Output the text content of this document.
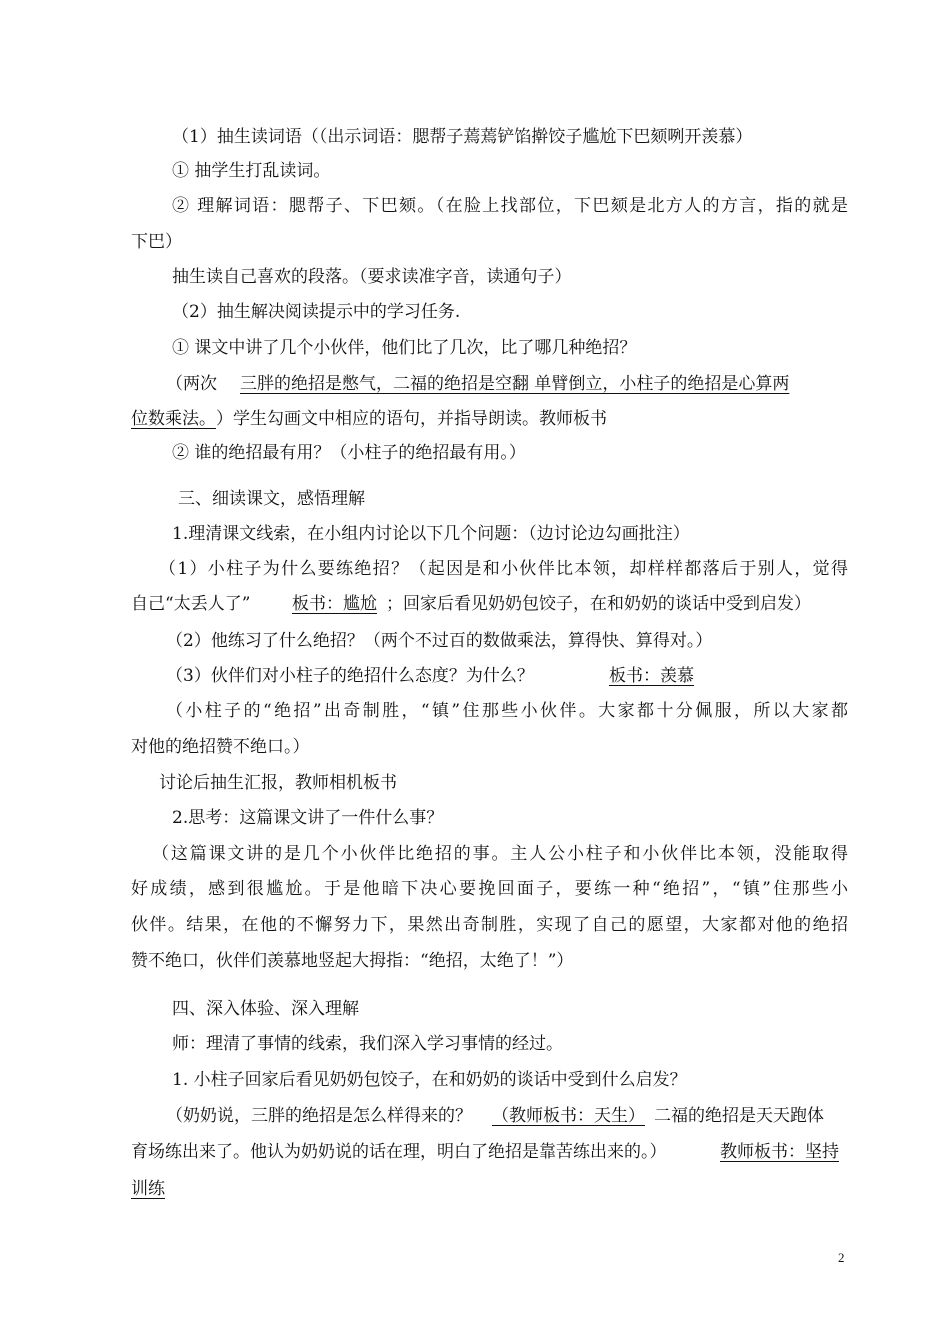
（1）抽生读词语（（出示词语：腮帮子蔫蔫铲馅擀饺子尴尬下巴颏咧开羡慕）
① 抽学生打乱读词。
② 理解词语：腮帮子、下巴颏。（在脸上找部位，下巴颏是北方人的方言，指的就是
下巴）
抽生读自己喜欢的段落。（要求读准字音，读通句子）
（2）抽生解决阅读提示中的学习任务.
① 课文中讲了几个小伙伴，他们比了几次，比了哪几种绝招？
（两次 三胖的绝招是憋气，二福的绝招是空翻 单臂倒立，小柱子的绝招是心算两
位数乘法。 ）学生勾画文中相应的语句，并指导朗读。教师板书
② 谁的绝招最有用？（小柱子的绝招最有用。）
三、细读课文，感悟理解
1.理清课文线索，在小组内讨论以下几个问题：（边讨论边勾画批注）
（1）小柱子为什么要练绝招？（起因是和小伙伴比本领，却样样都落后于别人，觉得
自己“太丢人了” 板书：尴尬 ；回家后看见奶奶包饺子，在和奶奶的谈话中受到启发）
（2）他练习了什么绝招？（两个不过百的数做乘法，算得快、算得对。）
（3）伙伴们对小柱子的绝招什么态度？为什么？	板书：羡慕
（小柱子的“绝招”出奇制胜，“镇”住那些小伙伴。大家都十分佩服，所以大家都
对他的绝招赞不绝口。）
讨论后抽生汇报，教师相机板书
2.思考：这篇课文讲了一件什么事？
（这篇课文讲的是几个小伙伴比绝招的事。主人公小柱子和小伙伴比本领，没能取得
好成绩，感到很尴尬。于是他暗下决心要挽回面子，要练一种“绝招”，“镇”住那些小
伙伴。结果，在他的不懈努力下，果然出奇制胜，实现了自己的愿望，大家都对他的绝招
赞不绝口，伙伴们羡慕地竖起大拇指：“绝招，太绝了！”）
四、深入体验、深入理解
师：理清了事情的线索，我们深入学习事情的经过。
1. 小柱子回家后看见奶奶包饺子，在和奶奶的谈话中受到什么启发？
（奶奶说，三胖的绝招是怎么样得来的？ （教师板书：天生） 二福的绝招是天天跑体
育场练出来了。他认为奶奶说的话在理，明白了绝招是靠苦练出来的。）	教师板书：坚持
训练
2
